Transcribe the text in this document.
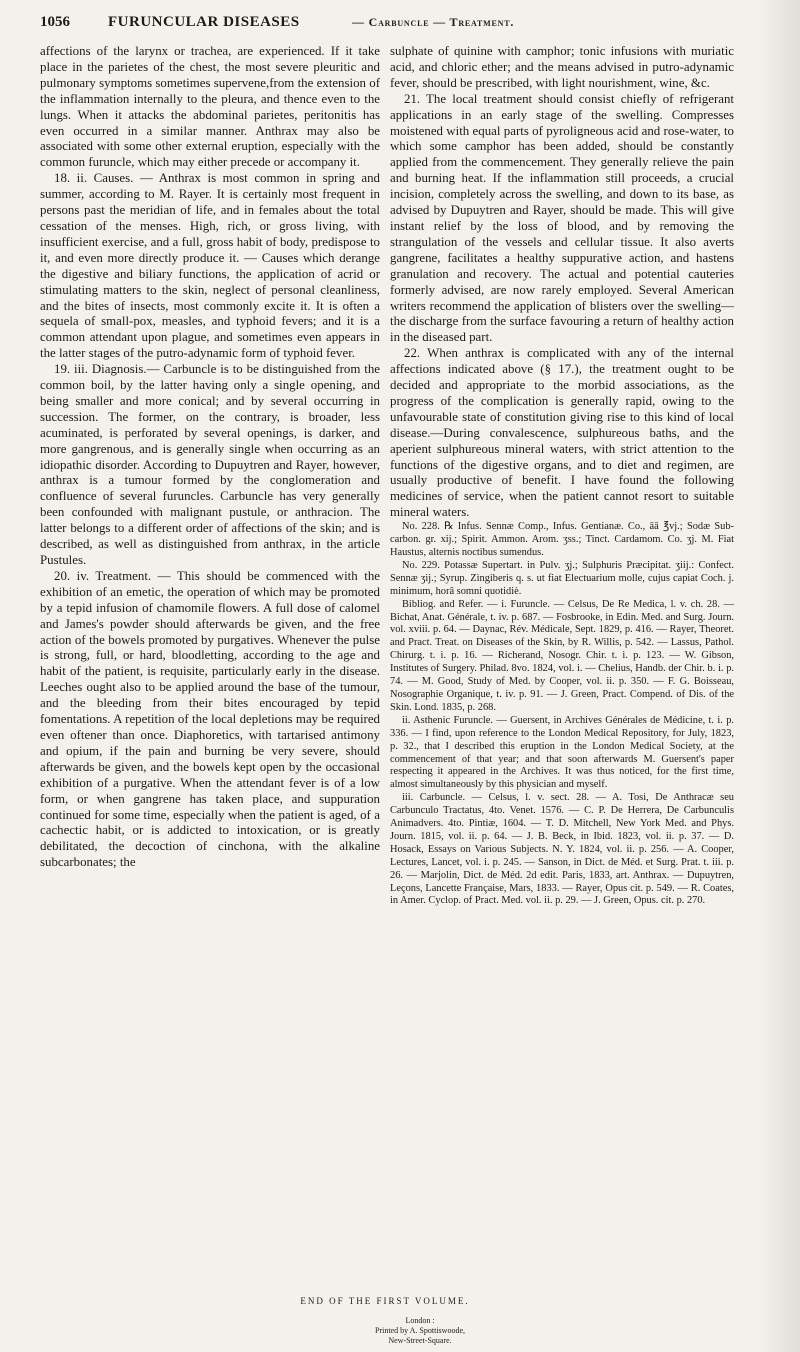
1056	FURUNCULAR DISEASES	— Carbuncle — Treatment.

affections of the larynx or trachea, are experienced. If it take place in the parietes of the chest, the most severe pleuritic and pulmonary symptoms sometimes supervene,from the extension of the inflammation internally to the pleura, and thence even to the lungs. When it attacks the abdominal parietes, peritonitis has even occurred in a similar manner. Anthrax may also be associated with some other external eruption, especially with the common furuncle, which may either precede or accompany it.

18. ii. Causes. — Anthrax is most common in spring and summer, according to M. Rayer. It is certainly most frequent in persons past the meridian of life, and in females about the total cessation of the menses. High, rich, or gross living, with insufficient exercise, and a full, gross habit of body, predispose to it, and even more directly produce it. — Causes which derange the digestive and biliary functions, the application of acrid or stimulating matters to the skin, neglect of personal cleanliness, and the bites of insects, most commonly excite it. It is often a sequela of small-pox, measles, and typhoid fevers; and it is a common attendant upon plague, and sometimes even appears in the latter stages of the putro-adynamic form of typhoid fever.

19. iii. Diagnosis.— Carbuncle is to be distinguished from the common boil, by the latter having only a single opening, and being smaller and more conical; and by several occurring in succession. The former, on the contrary, is broader, less acuminated, is perforated by several openings, is darker, and more gangrenous, and is generally single when occurring as an idiopathic disorder. According to Dupuytren and Rayer, however, anthrax is a tumour formed by the conglomeration and confluence of several furuncles. Carbuncle has very generally been confounded with malignant pustule, or anthracion. The latter belongs to a different order of affections of the skin; and is described, as well as distinguished from anthrax, in the article Pustules.

20. iv. Treatment. — This should be commenced with the exhibition of an emetic, the operation of which may be promoted by a tepid infusion of chamomile flowers. A full dose of calomel and James's powder should afterwards be given, and the free action of the bowels promoted by purgatives. Whenever the pulse is strong, full, or hard, bloodletting, according to the age and habit of the patient, is requisite, particularly early in the disease. Leeches ought also to be applied around the base of the tumour, and the bleeding from their bites encouraged by tepid fomentations. A repetition of the local depletions may be required even oftener than once. Diaphoretics, with tartarised antimony and opium, if the pain and burning be very severe, should afterwards be given, and the bowels kept open by the occasional exhibition of a purgative. When the attendant fever is of a low form, or when gangrene has taken place, and suppuration continued for some time, especially when the patient is aged, of a cachectic habit, or is addicted to intoxication, or is greatly debilitated, the decoction of cinchona, with the alkaline subcarbonates; the

sulphate of quinine with camphor; tonic infusions with muriatic acid, and chloric ether; and the means advised in putro-adynamic fever, should be prescribed, with light nourishment, wine, &c.

21. The local treatment should consist chiefly of refrigerant applications in an early stage of the swelling. Compresses moistened with equal parts of pyroligneous acid and rose-water, to which some camphor has been added, should be constantly applied from the commencement. They generally relieve the pain and burning heat. If the inflammation still proceeds, a crucial incision, completely across the swelling, and down to its base, as advised by Dupuytren and Rayer, should be made. This will give instant relief by the loss of blood, and by removing the strangulation of the vessels and cellular tissue. It also averts gangrene, facilitates a healthy suppurative action, and hastens granulation and recovery. The actual and potential cauteries formerly advised, are now rarely employed. Several American writers recommend the application of blisters over the swelling— the discharge from the surface favouring a return of healthy action in the diseased part.

22. When anthrax is complicated with any of the internal affections indicated above (§ 17.), the treatment ought to be decided and appropriate to the morbid associations, as the progress of the complication is generally rapid, owing to the unfavourable state of constitution giving rise to this kind of local disease.—During convalescence, sulphureous baths, and the aperient sulphureous mineral waters, with strict attention to the functions of the digestive organs, and to diet and regimen, are usually productive of benefit. I have found the following medicines of service, when the patient cannot resort to suitable mineral waters.

No. 228. ℞ Infus. Sennæ Comp., Infus. Gentianæ. Co., āā ℥vj.; Sodæ Sub-carbon. gr. xij.; Spirit. Ammon. Arom. ʒss.; Tinct. Cardamom. Co. ʒj. M. Fiat Haustus, alternis noctibus sumendus.

No. 229. Potassæ Supertart. in Pulv. ʒj.; Sulphuris Præcipitat. ʒiij.: Confect. Sennæ ʒij.; Syrup. Zingiberis q. s. ut fiat Electuarium molle, cujus capiat Coch. j. minimum, horâ somni quotidiè.

Bibliog. and Refer. — i. Furuncle. — Celsus, De Re Medica, l. v. ch. 28. — Bichat, Anat. Générale, t. iv. p. 687. — Fosbrooke, in Edin. Med. and Surg. Journ. vol. xviii. p. 64. — Daynac, Rév. Médicale, Sept. 1829, p. 416. — Rayer, Theoret. and Pract. Treat. on Diseases of the Skin, by R. Willis, p. 542. — Lassus, Pathol. Chirurg. t. i. p. 16. — Richerand, Nosogr. Chir. t. i. p. 123. — W. Gibson, Institutes of Surgery. Philad. 8vo. 1824, vol. i. — Chelius, Handb. der Chir. b. i. p. 74. — M. Good, Study of Med. by Cooper, vol. ii. p. 350. — F. G. Boisseau, Nosographie Organique, t. iv. p. 91. — J. Green, Pract. Compend. of Dis. of the Skin. Lond. 1835, p. 268.

ii. Asthenic Furuncle. — Guersent, in Archives Générales de Médicine, t. i. p. 336. — I find, upon reference to the London Medical Repository, for July, 1823, p. 32., that I described this eruption in the London Medical Society, at the commencement of that year; and that soon afterwards M. Guersent's paper respecting it appeared in the Archives. It was thus noticed, for the first time, almost simultaneously by this physician and myself.

iii. Carbuncle. — Celsus, l. v. sect. 28. — A. Tosi, De Anthracæ seu Carbunculo Tractatus, 4to. Venet. 1576. — C. P. De Herrera, De Carbunculis Animadvers. 4to. Pintiæ, 1604. — T. D. Mitchell, New York Med. and Phys. Journ. 1815, vol. ii. p. 64. — J. B. Beck, in Ibid. 1823, vol. ii. p. 37. — D. Hosack, Essays on Various Subjects. N. Y. 1824, vol. ii. p. 256. — A. Cooper, Lectures, Lancet, vol. i. p. 245. — Sanson, in Dict. de Méd. et Surg. Prat. t. iii. p. 26. — Marjolin, Dict. de Méd. 2d edit. Paris, 1833, art. Anthrax. — Dupuytren, Leçons, Lancette Française, Mars, 1833. — Rayer, Opus cit. p. 549. — R. Coates, in Amer. Cyclop. of Pract. Med. vol. ii. p. 29. — J. Green, Opus. cit. p. 270.

END OF THE FIRST VOLUME.
London :
Printed by A. Spottiswoode,
New-Street-Square.
